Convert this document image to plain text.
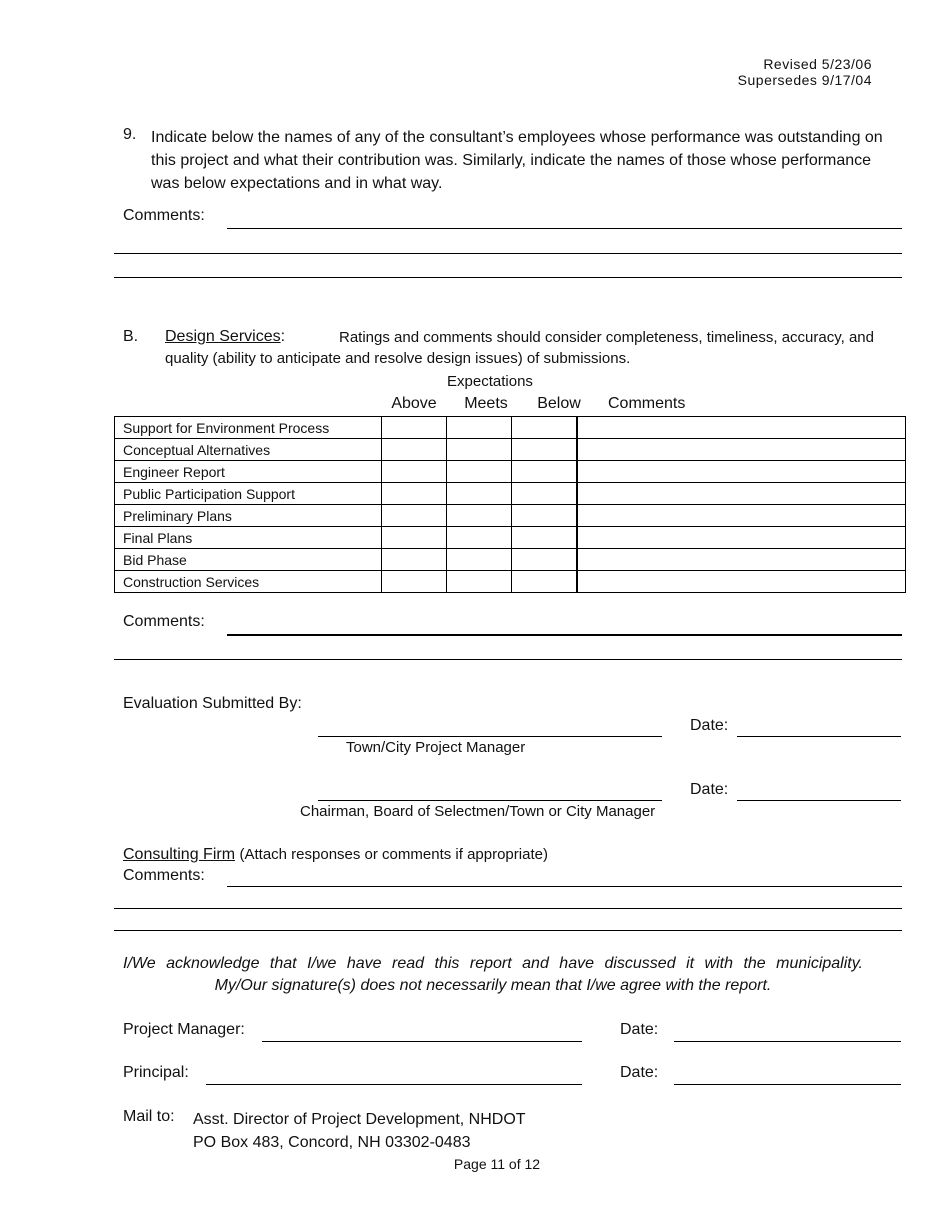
Revised 5/23/06
Supersedes 9/17/04
9. Indicate below the names of any of the consultant’s employees whose performance was outstanding on
this project and what their contribution was. Similarly, indicate the names of those whose performance
was below expectations and in what way.
Comments:
B. Design Services:	Ratings and comments should consider completeness, timeliness, accuracy, and
quality (ability to anticipate and resolve design issues) of submissions.
Expectations
Above	Meets	Below	Comments
Support for Environment Process				
Conceptual Alternatives				
Engineer Report				
Public Participation Support				
Preliminary Plans				
Final Plans				
Bid Phase				
Construction Services				
Comments:
Evaluation Submitted By:
Town/City Project Manager
Date:
Chairman, Board of Selectmen/Town or City Manager
Date:
Consulting Firm (Attach responses or comments if appropriate)
Comments:
I/We acknowledge that I/we have read this report and have discussed it with the municipality.
My/Our signature(s) does not necessarily mean that I/we agree with the report.
Project Manager:	Date:
Principal:	Date:
Mail to: Asst. Director of Project Development, NHDOT
PO Box 483, Concord, NH 03302-0483
Page 11 of 12
